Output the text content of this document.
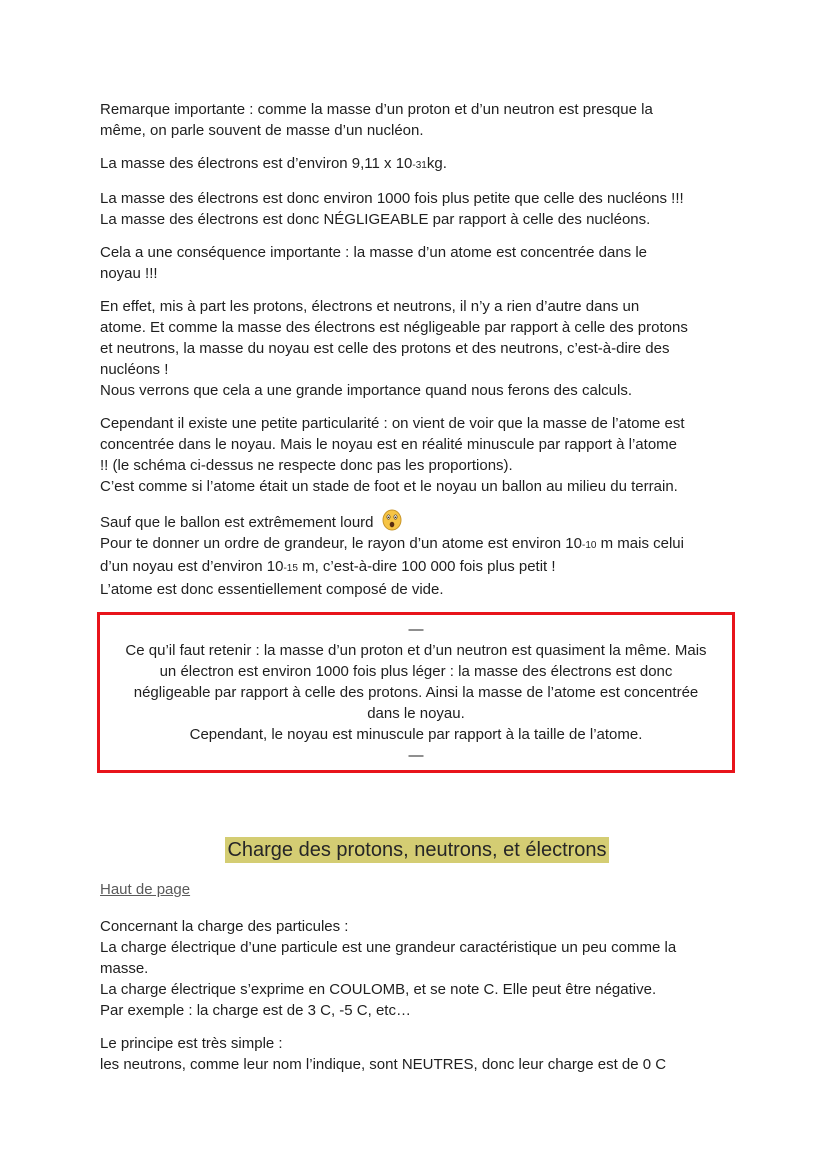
Remarque importante : comme la masse d’un proton et d’un neutron est presque la
même, on parle souvent de masse d’un nucléon.

La masse des électrons est d’environ 9,11 x 10-31kg.

La masse des électrons est donc environ 1000 fois plus petite que celle des nucléons !!!
La masse des électrons est donc NÉGLIGEABLE par rapport à celle des nucléons.

Cela a une conséquence importante : la masse d’un atome est concentrée dans le
noyau !!!

En effet, mis à part les protons, électrons et neutrons, il n’y a rien d’autre dans un
atome. Et comme la masse des électrons est négligeable par rapport à celle des protons
et neutrons, la masse du noyau est celle des protons et des neutrons, c’est-à-dire des
nucléons !
Nous verrons que cela a une grande importance quand nous ferons des calculs.

Cependant il existe une petite particularité : on vient de voir que la masse de l’atome est
concentrée dans le noyau. Mais le noyau est en réalité minuscule par rapport à l’atome
!! (le schéma ci-dessus ne respecte donc pas les proportions).
C’est comme si l’atome était un stade de foot et le noyau un ballon au milieu du terrain.

Sauf que le ballon est extrêmement lourd
Pour te donner un ordre de grandeur, le rayon d’un atome est environ 10-10 m mais celui
d’un noyau est d’environ 10-15 m, c’est-à-dire 100 000 fois plus petit !
L’atome est donc essentiellement composé de vide.

—
Ce qu’il faut retenir : la masse d’un proton et d’un neutron est quasiment la même. Mais
un électron est environ 1000 fois plus léger : la masse des électrons est donc
négligeable par rapport à celle des protons. Ainsi la masse de l’atome est concentrée
dans le noyau.
Cependant, le noyau est minuscule par rapport à la taille de l’atome.
—
Charge des protons, neutrons, et électrons
Haut de page

Concernant la charge des particules :
La charge électrique d’une particule est une grandeur caractéristique un peu comme la
masse.
La charge électrique s’exprime en COULOMB, et se note C. Elle peut être négative.
Par exemple : la charge est de 3 C, -5 C, etc…

Le principe est très simple :
les neutrons, comme leur nom l’indique, sont NEUTRES, donc leur charge est de 0 C
